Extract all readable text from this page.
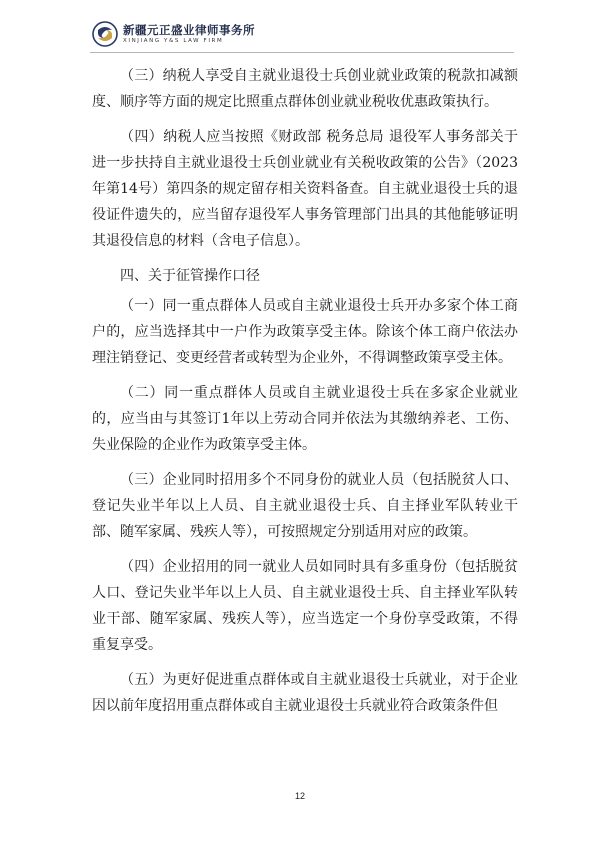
新疆元正盛业律师事务所
XINJIANG Y&S LAW FIRM

（三）纳税人享受自主就业退役士兵创业就业政策的税款扣减额度、顺序等方面的规定比照重点群体创业就业税收优惠政策执行。

（四）纳税人应当按照《财政部 税务总局 退役军人事务部关于进一步扶持自主就业退役士兵创业就业有关税收政策的公告》（2023年第14号）第四条的规定留存相关资料备查。自主就业退役士兵的退役证件遗失的，应当留存退役军人事务管理部门出具的其他能够证明其退役信息的材料（含电子信息）。

四、关于征管操作口径

（一）同一重点群体人员或自主就业退役士兵开办多家个体工商户的，应当选择其中一户作为政策享受主体。除该个体工商户依法办理注销登记、变更经营者或转型为企业外，不得调整政策享受主体。

（二）同一重点群体人员或自主就业退役士兵在多家企业就业的，应当由与其签订1年以上劳动合同并依法为其缴纳养老、工伤、失业保险的企业作为政策享受主体。

（三）企业同时招用多个不同身份的就业人员（包括脱贫人口、登记失业半年以上人员、自主就业退役士兵、自主择业军队转业干部、随军家属、残疾人等），可按照规定分别适用对应的政策。

（四）企业招用的同一就业人员如同时具有多重身份（包括脱贫人口、登记失业半年以上人员、自主就业退役士兵、自主择业军队转业干部、随军家属、残疾人等），应当选定一个身份享受政策，不得重复享受。

（五）为更好促进重点群体或自主就业退役士兵就业，对于企业因以前年度招用重点群体或自主就业退役士兵就业符合政策条件但

12
